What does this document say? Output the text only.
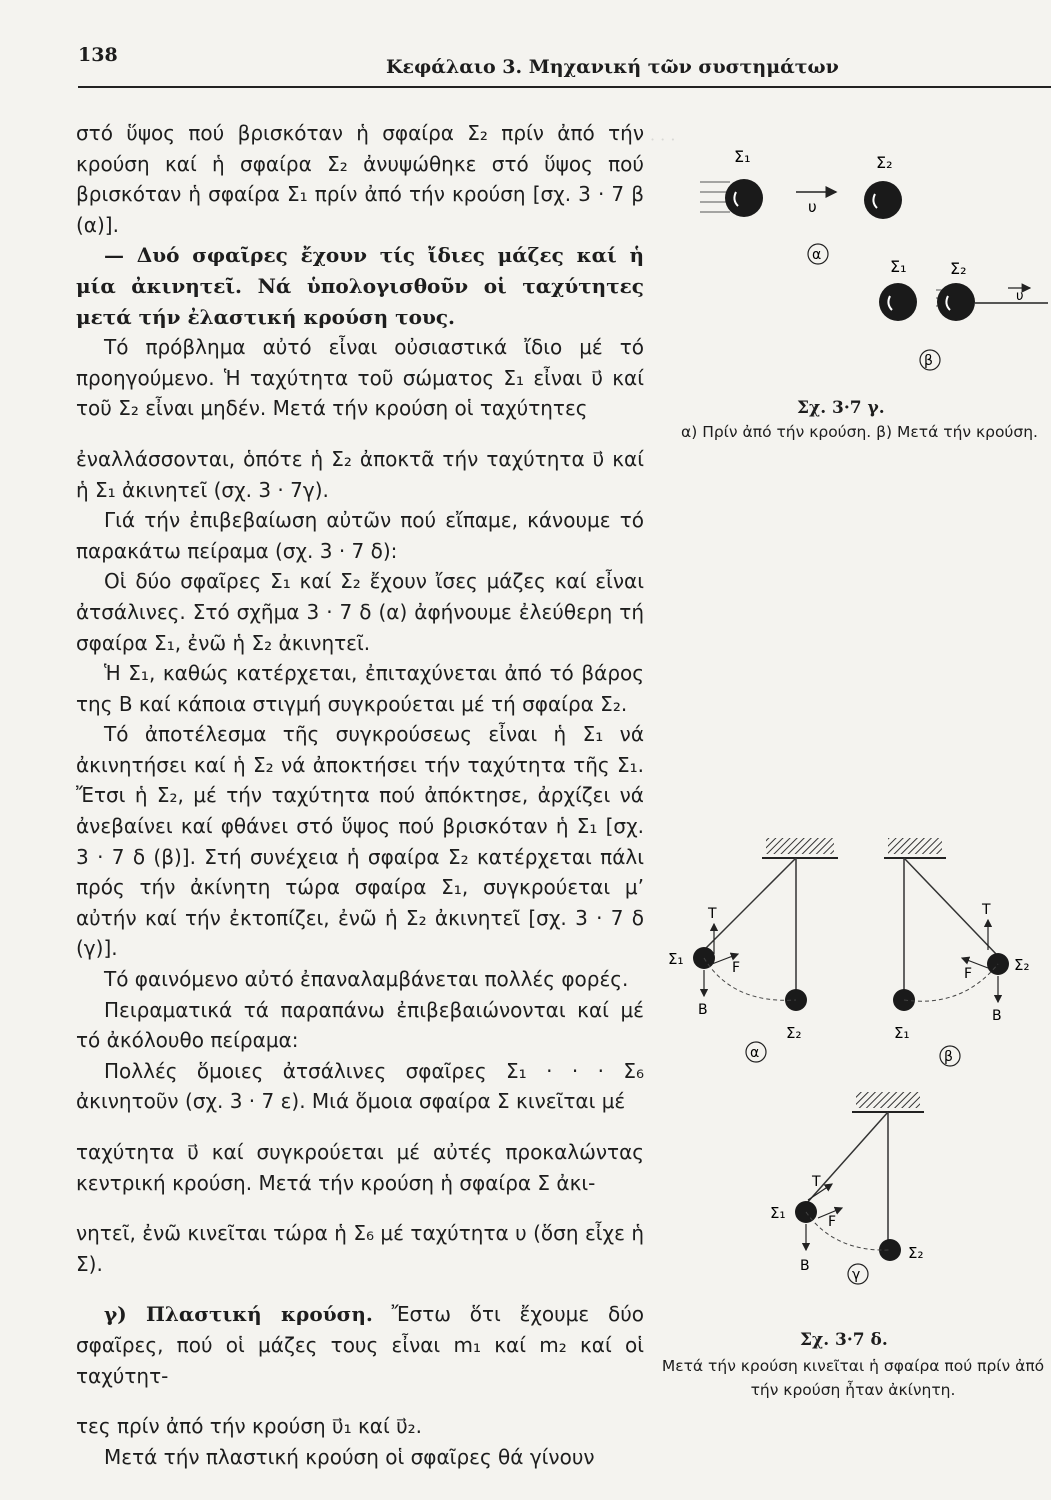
138
Κεφάλαιο 3. Μηχανική τῶν συστημάτων
· · ·

στό ὕψος πού βρισκόταν ἡ σφαίρα Σ₂ πρίν ἀπό τήν κρούση καί ἡ σφαίρα Σ₂ ἀνυψώθηκε στό ὕψος πού βρισκόταν ἡ σφαίρα Σ₁ πρίν ἀπό τήν κρούση [σχ. 3 · 7 β (α)].

— Δυό σφαῖρες ἔχουν τίς ἴδιες μάζες καί ἡ μία ἀκινητεῖ. Νά ὑπολογισθοῦν οἱ ταχύτητες μετά τήν ἐλαστική κρούση τους.

Τό πρόβλημα αὐτό εἶναι οὐσιαστικά ἴδιο μέ τό προηγούμενο. Ἡ ταχύτητα τοῦ σώματος Σ₁ εἶναι υ⃗ καί τοῦ Σ₂ εἶναι μηδέν. Μετά τήν κρούση οἱ ταχύτητες

ἐναλλάσσονται, ὁπότε ἡ Σ₂ ἀποκτᾶ τήν ταχύτητα υ⃗ καί ἡ Σ₁ ἀκινητεῖ (σχ. 3 · 7γ).

Γιά τήν ἐπιβεβαίωση αὐτῶν πού εἴπαμε, κάνουμε τό παρακάτω πείραμα (σχ. 3 · 7 δ):

Οἱ δύο σφαῖρες Σ₁ καί Σ₂ ἔχουν ἴσες μάζες καί εἶναι ἀτσάλινες. Στό σχῆμα 3 · 7 δ (α) ἀφήνουμε ἐλεύθερη τή σφαίρα Σ₁, ἐνῶ ἡ Σ₂ ἀκινητεῖ.

Ἡ Σ₁, καθώς κατέρχεται, ἐπιταχύνεται ἀπό τό βάρος της Β καί κάποια στιγμή συγκρούεται μέ τή σφαίρα Σ₂.

Τό ἀποτέλεσμα τῆς συγκρούσεως εἶναι ἡ Σ₁ νά ἀκινητήσει καί ἡ Σ₂ νά ἀποκτήσει τήν ταχύτητα τῆς Σ₁. Ἔτσι ἡ Σ₂, μέ τήν ταχύτητα πού ἀπόκτησε, ἀρχίζει νά ἀνεβαίνει καί φθάνει στό ὕψος πού βρισκόταν ἡ Σ₁ [σχ. 3 · 7 δ (β)]. Στή συνέχεια ἡ σφαίρα Σ₂ κατέρχεται πάλι πρός τήν ἀκίνητη τώρα σφαίρα Σ₁, συγκρούεται μ’ αὐτήν καί τήν ἐκτοπίζει, ἐνῶ ἡ Σ₂ ἀκινητεῖ [σχ. 3 · 7 δ (γ)].

Τό φαινόμενο αὐτό ἐπαναλαμβάνεται πολλές φορές.

Πειραματικά τά παραπάνω ἐπιβεβαιώνονται καί μέ τό ἀκόλουθο πείραμα:

Πολλές ὅμοιες ἀτσάλινες σφαῖρες Σ₁ · · · Σ₆ ἀκινητοῦν (σχ. 3 · 7 ε). Μιά ὅμοια σφαίρα Σ κινεῖται μέ

ταχύτητα υ⃗ καί συγκρούεται μέ αὐτές προκαλώντας κεντρική κρούση. Μετά τήν κρούση ἡ σφαίρα Σ ἀκι-

νητεῖ, ἐνῶ κινεῖται τώρα ἡ Σ₆ μέ ταχύτητα υ (ὅση εἶχε ἡ Σ).

γ) Πλαστική κρούση. Ἔστω ὅτι ἔχουμε δύο σφαῖρες, πού οἱ μάζες τους εἶναι m₁ καί m₂ καί οἱ ταχύτητ-

τες πρίν ἀπό τήν κρούση υ⃗₁ καί υ⃗₂.

Μετά τήν πλαστική κρούση οἱ σφαῖρες θά γίνουν

Σ₁	Σ₂
υ
α
Σ₁	Σ₂
υ
β
Σχ. 3·7 γ.
α) Πρίν ἀπό τήν κρούση. β) Μετά τήν κρούση.
T
F
B
Σ₁
Σ₂
α
T
F
B
Σ₂
Σ₁
β
T
F
B
Σ₁
Σ₂
γ
Σχ. 3·7 δ.
Μετά τήν κρούση κινεῖται ἡ σφαίρα πού πρίν ἀπό τήν κρούση ἦταν ἀκίνητη.
